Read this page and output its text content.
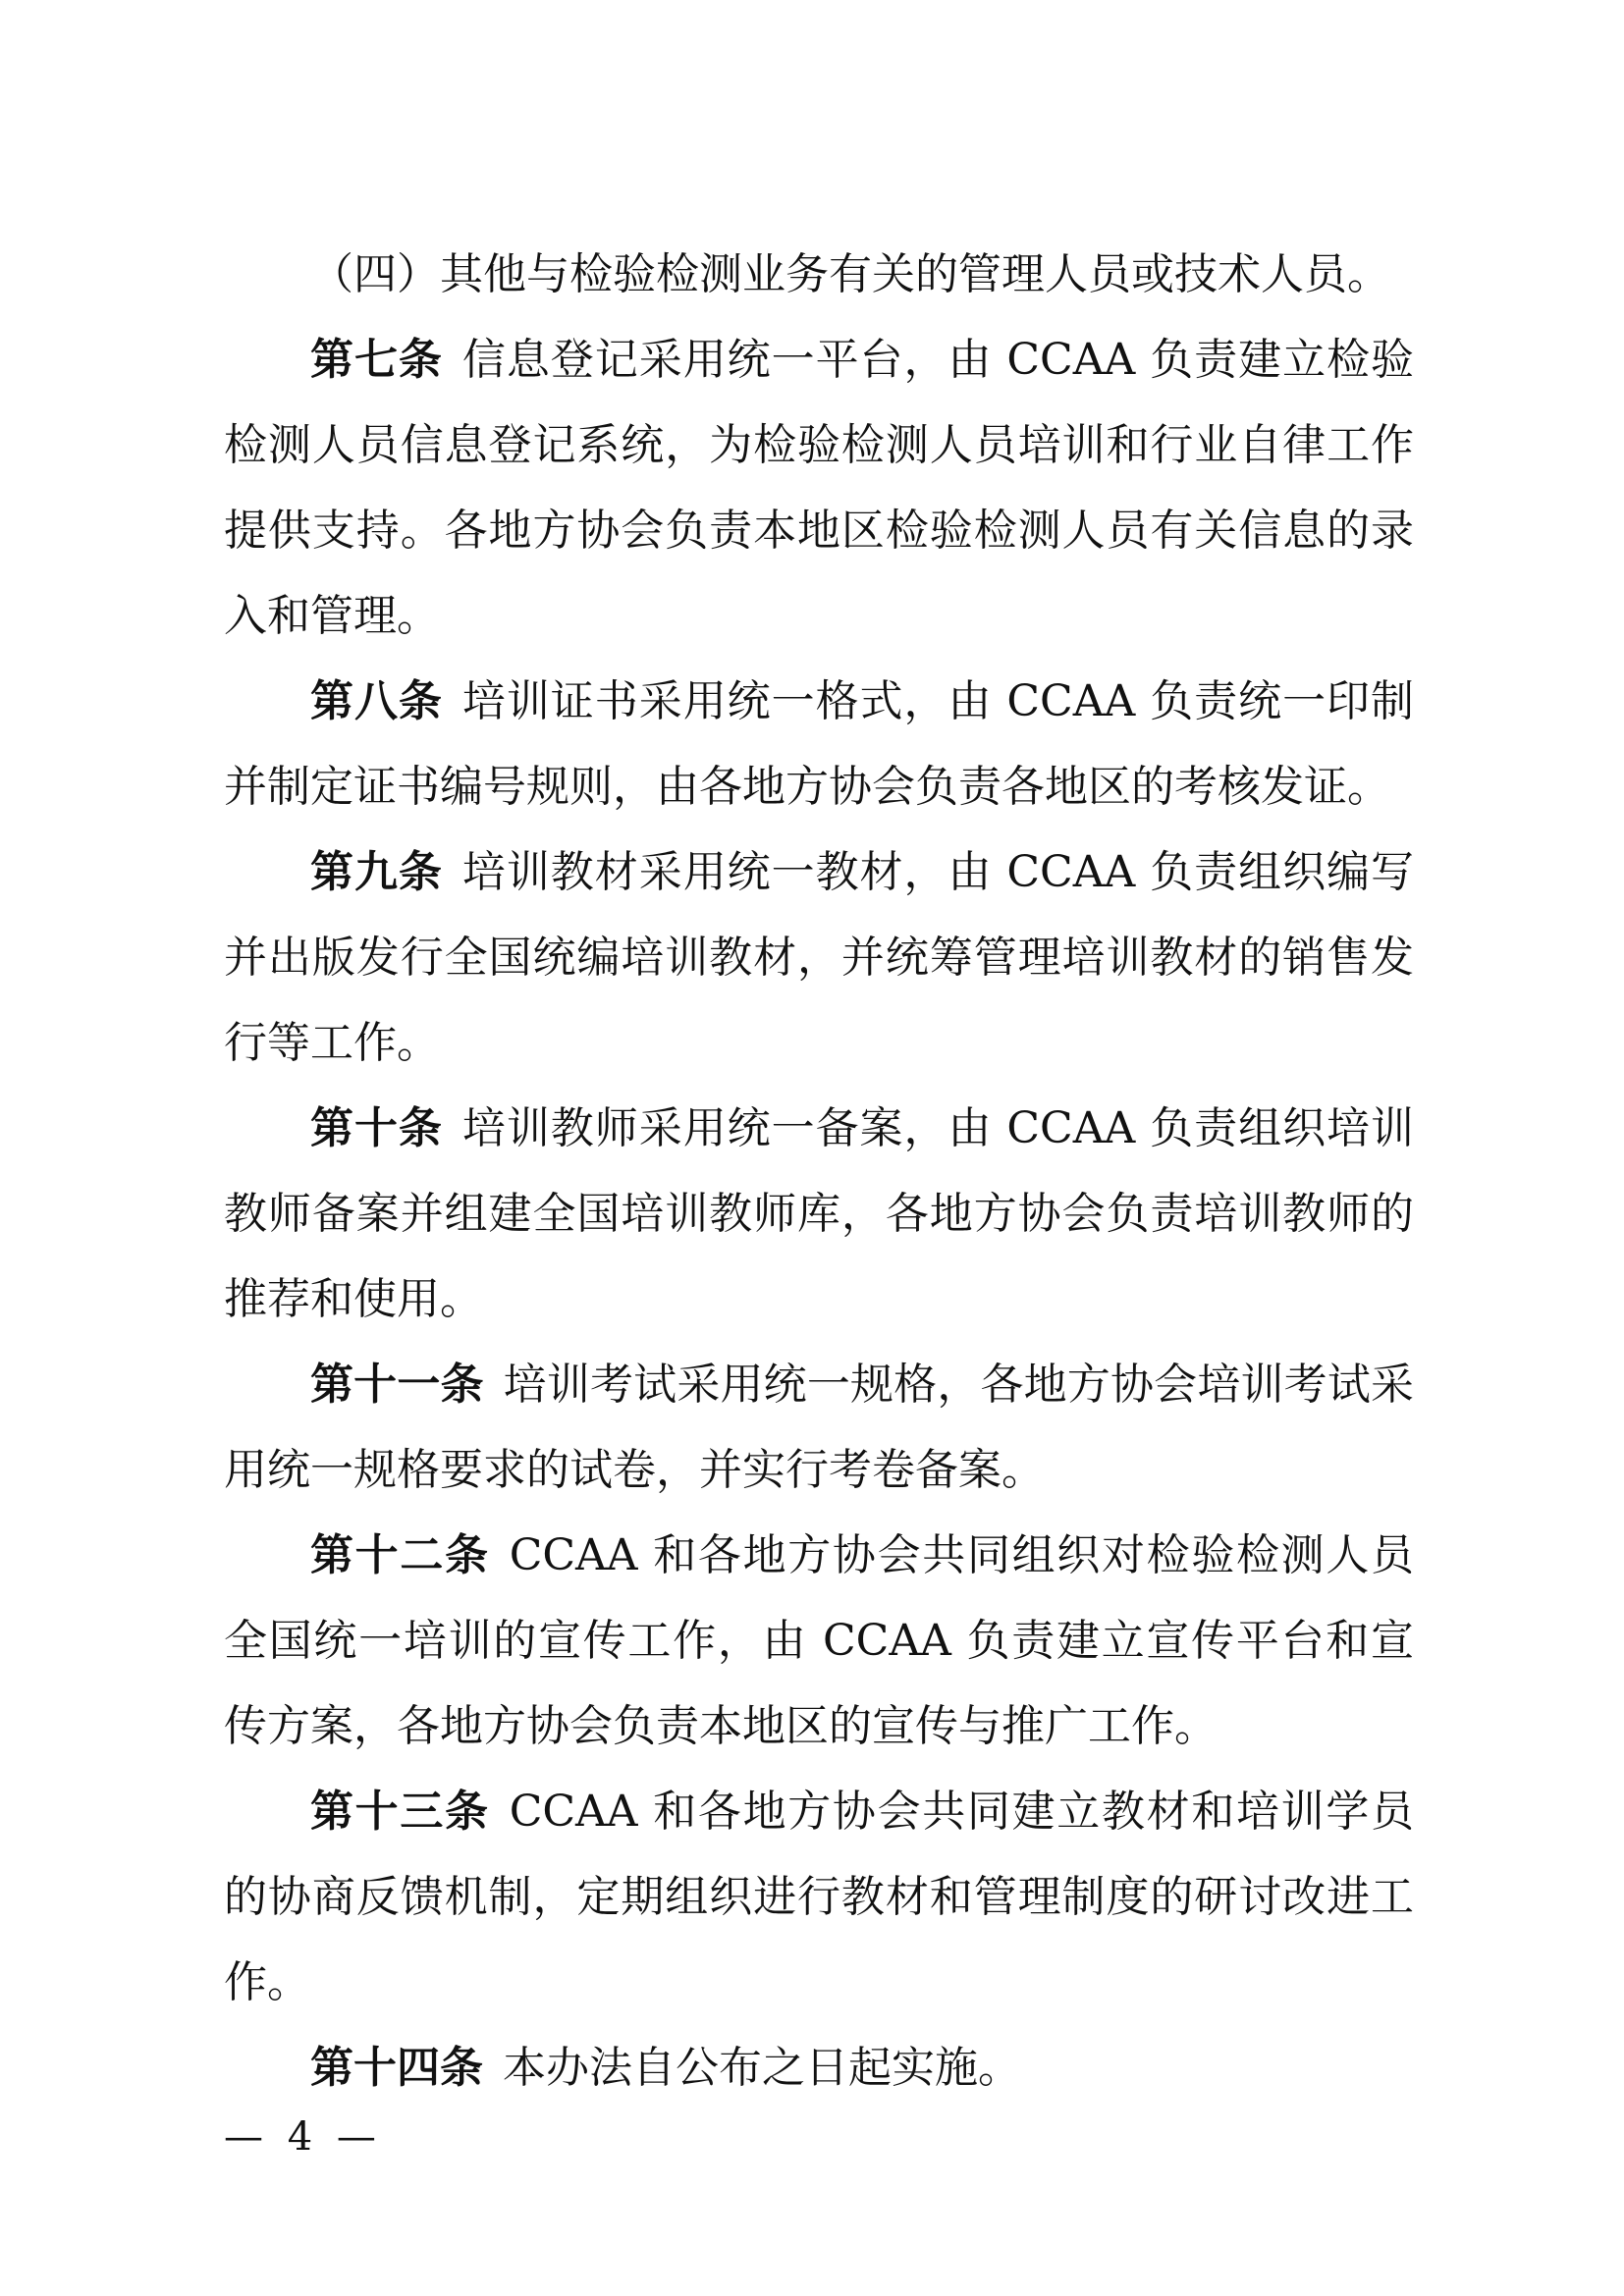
（四）其他与检验检测业务有关的管理人员或技术人员。

第七条 信息登记采用统一平台，由 CCAA 负责建立检验检测人员信息登记系统，为检验检测人员培训和行业自律工作提供支持。各地方协会负责本地区检验检测人员有关信息的录入和管理。

第八条 培训证书采用统一格式，由 CCAA 负责统一印制并制定证书编号规则，由各地方协会负责各地区的考核发证。

第九条 培训教材采用统一教材，由 CCAA 负责组织编写并出版发行全国统编培训教材，并统筹管理培训教材的销售发行等工作。

第十条 培训教师采用统一备案，由 CCAA 负责组织培训教师备案并组建全国培训教师库，各地方协会负责培训教师的推荐和使用。

第十一条 培训考试采用统一规格，各地方协会培训考试采用统一规格要求的试卷，并实行考卷备案。

第十二条 CCAA 和各地方协会共同组织对检验检测人员全国统一培训的宣传工作，由 CCAA 负责建立宣传平台和宣传方案，各地方协会负责本地区的宣传与推广工作。

第十三条 CCAA 和各地方协会共同建立教材和培训学员的协商反馈机制，定期组织进行教材和管理制度的研讨改进工作。

第十四条 本办法自公布之日起实施。

— 4 —
